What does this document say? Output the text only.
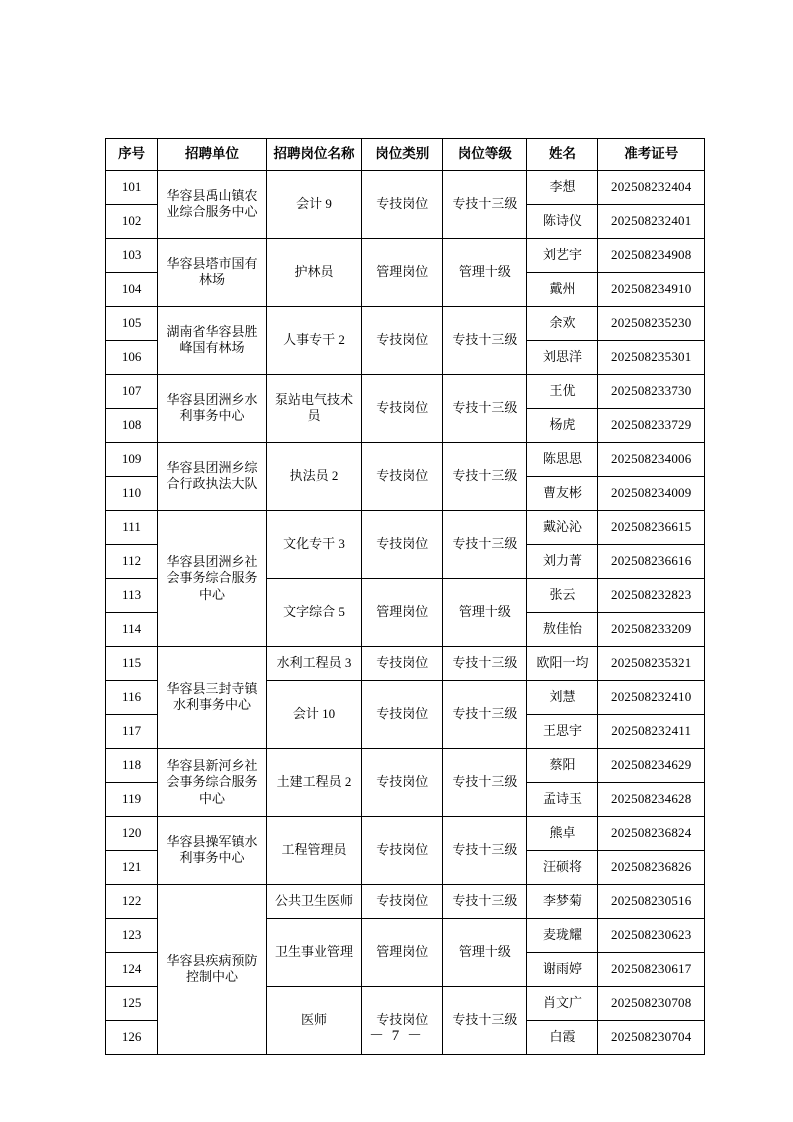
序号	招聘单位	招聘岗位名称	岗位类别	岗位等级	姓名	准考证号
101	华容县禹山镇农业综合服务中心	会计 9	专技岗位	专技十三级	李想	202508232404
102					陈诗仪	202508232401
103	华容县塔市国有林场	护林员	管理岗位	管理十级	刘艺宇	202508234908
104					戴州	202508234910
105	湖南省华容县胜峰国有林场	人事专干 2	专技岗位	专技十三级	余欢	202508235230
106					刘思洋	202508235301
107	华容县团洲乡水利事务中心	泵站电气技术员	专技岗位	专技十三级	王优	202508233730
108					杨虎	202508233729
109	华容县团洲乡综合行政执法大队	执法员 2	专技岗位	专技十三级	陈思思	202508234006
110					曹友彬	202508234009
111	华容县团洲乡社会事务综合服务中心	文化专干 3	专技岗位	专技十三级	戴沁沁	202508236615
112					刘力菁	202508236616
113		文字综合 5	管理岗位	管理十级	张云	202508232823
114					敖佳怡	202508233209
115	华容县三封寺镇水利事务中心	水利工程员 3	专技岗位	专技十三级	欧阳一均	202508235321
116		会计 10	专技岗位	专技十三级	刘慧	202508232410
117					王思宇	202508232411
118	华容县新河乡社会事务综合服务中心	土建工程员 2	专技岗位	专技十三级	蔡阳	202508234629
119					孟诗玉	202508234628
120	华容县操军镇水利事务中心	工程管理员	专技岗位	专技十三级	熊卓	202508236824
121					汪硕将	202508236826
122	华容县疾病预防控制中心	公共卫生医师	专技岗位	专技十三级	李梦菊	202508230516
123		卫生事业管理	管理岗位	管理十级	麦珑耀	202508230623
124					谢雨婷	202508230617
125		医师	专技岗位	专技十三级	肖文广	202508230708
126					白霞	202508230704
－ 7 －
